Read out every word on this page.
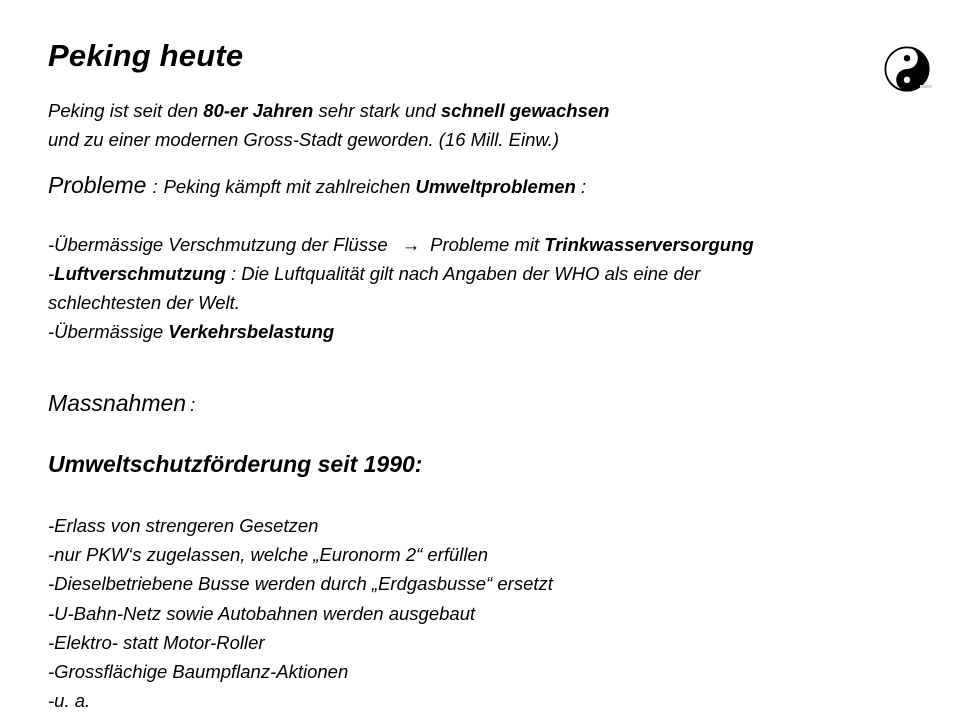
Peking heute
Peking ist seit den 80-er Jahren sehr stark und schnell gewachsen
und zu einer modernen Gross-Stadt geworden. (16 Mill. Einw.)
Probleme : Peking kämpft mit zahlreichen Umweltproblemen :
-Übermässige Verschmutzung der Flüsse → Probleme mit Trinkwasserversorgung
-Luftverschmutzung : Die Luftqualität gilt nach Angaben der WHO als eine der
schlechtesten der Welt.
-Übermässige Verkehrsbelastung
Massnahmen :
Umweltschutzförderung seit 1990:
-Erlass von strengeren Gesetzen
-nur PKW‘s zugelassen, welche „Euronorm 2“ erfüllen
-Dieselbetriebene Busse werden durch „Erdgasbusse“ ersetzt
-U-Bahn-Netz sowie Autobahnen werden ausgebaut
-Elektro- statt Motor-Roller
-Grossflächige Baumpflanz-Aktionen
-u. a.
